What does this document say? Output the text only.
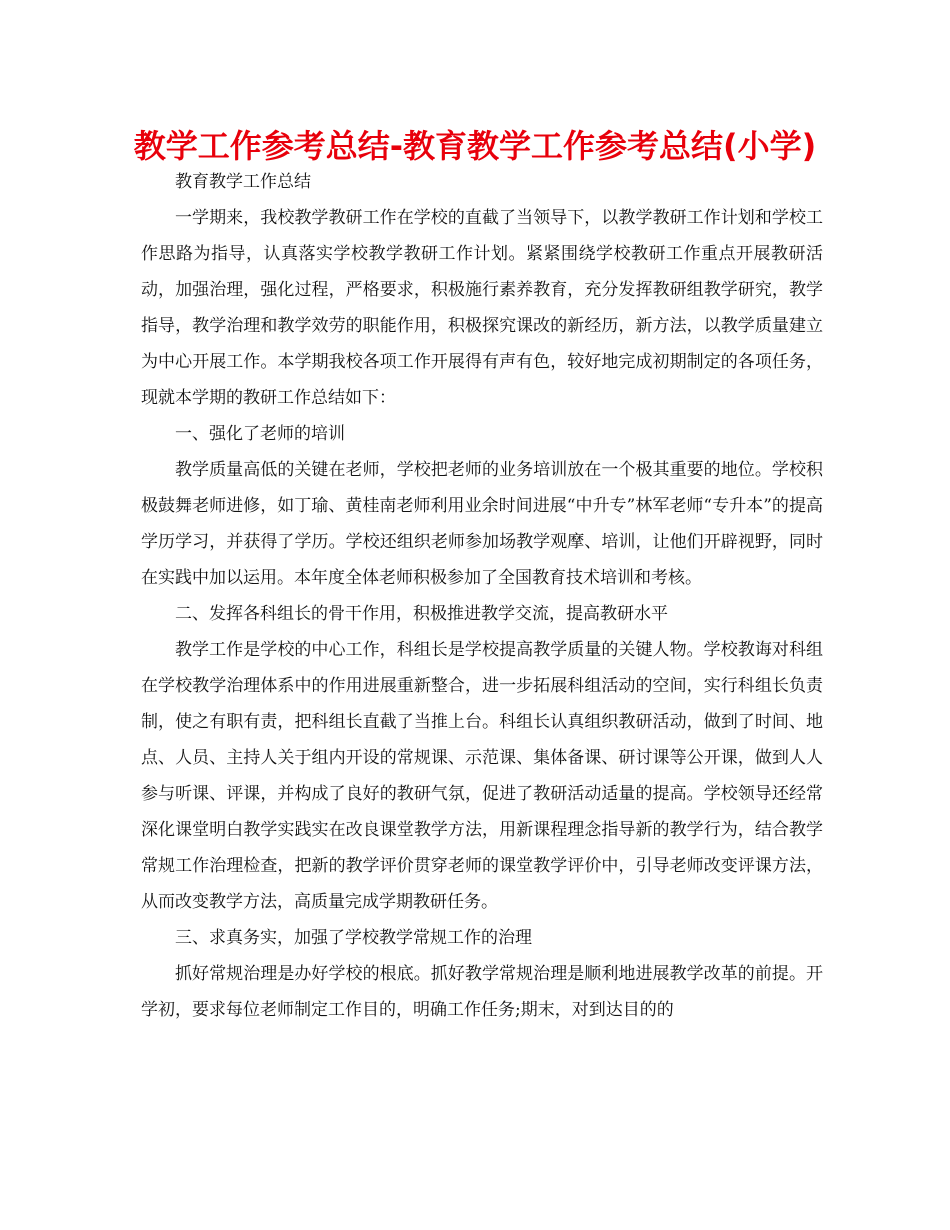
教学工作参考总结-教育教学工作参考总结(小学)

教育教学工作总结

一学期来，我校教学教研工作在学校的直截了当领导下，以教学教研工作计划和学校工作思路为指导，认真落实学校教学教研工作计划。紧紧围绕学校教研工作重点开展教研活动，加强治理，强化过程，严格要求，积极施行素养教育，充分发挥教研组教学研究，教学指导，教学治理和教学效劳的职能作用，积极探究课改的新经历，新方法，以教学质量建立为中心开展工作。本学期我校各项工作开展得有声有色，较好地完成初期制定的各项任务，现就本学期的教研工作总结如下：

一、强化了老师的培训

教学质量高低的关键在老师，学校把老师的业务培训放在一个极其重要的地位。学校积极鼓舞老师进修，如丁瑜、黄桂南老师利用业余时间进展“中升专”林军老师“专升本”的提高学历学习，并获得了学历。学校还组织老师参加场教学观摩、培训，让他们开辟视野，同时在实践中加以运用。本年度全体老师积极参加了全国教育技术培训和考核。

二、发挥各科组长的骨干作用，积极推进教学交流，提高教研水平

教学工作是学校的中心工作，科组长是学校提高教学质量的关键人物。学校教诲对科组在学校教学治理体系中的作用进展重新整合，进一步拓展科组活动的空间，实行科组长负责制，使之有职有责，把科组长直截了当推上台。科组长认真组织教研活动，做到了时间、地点、人员、主持人关于组内开设的常规课、示范课、集体备课、研讨课等公开课，做到人人参与听课、评课，并构成了良好的教研气氛，促进了教研活动适量的提高。学校领导还经常深化课堂明白教学实践实在改良课堂教学方法，用新课程理念指导新的教学行为，结合教学常规工作治理检查，把新的教学评价贯穿老师的课堂教学评价中，引导老师改变评课方法，从而改变教学方法，高质量完成学期教研任务。

三、求真务实，加强了学校教学常规工作的治理

抓好常规治理是办好学校的根底。抓好教学常规治理是顺利地进展教学改革的前提。开学初，要求每位老师制定工作目的，明确工作任务;期末，对到达目的的
